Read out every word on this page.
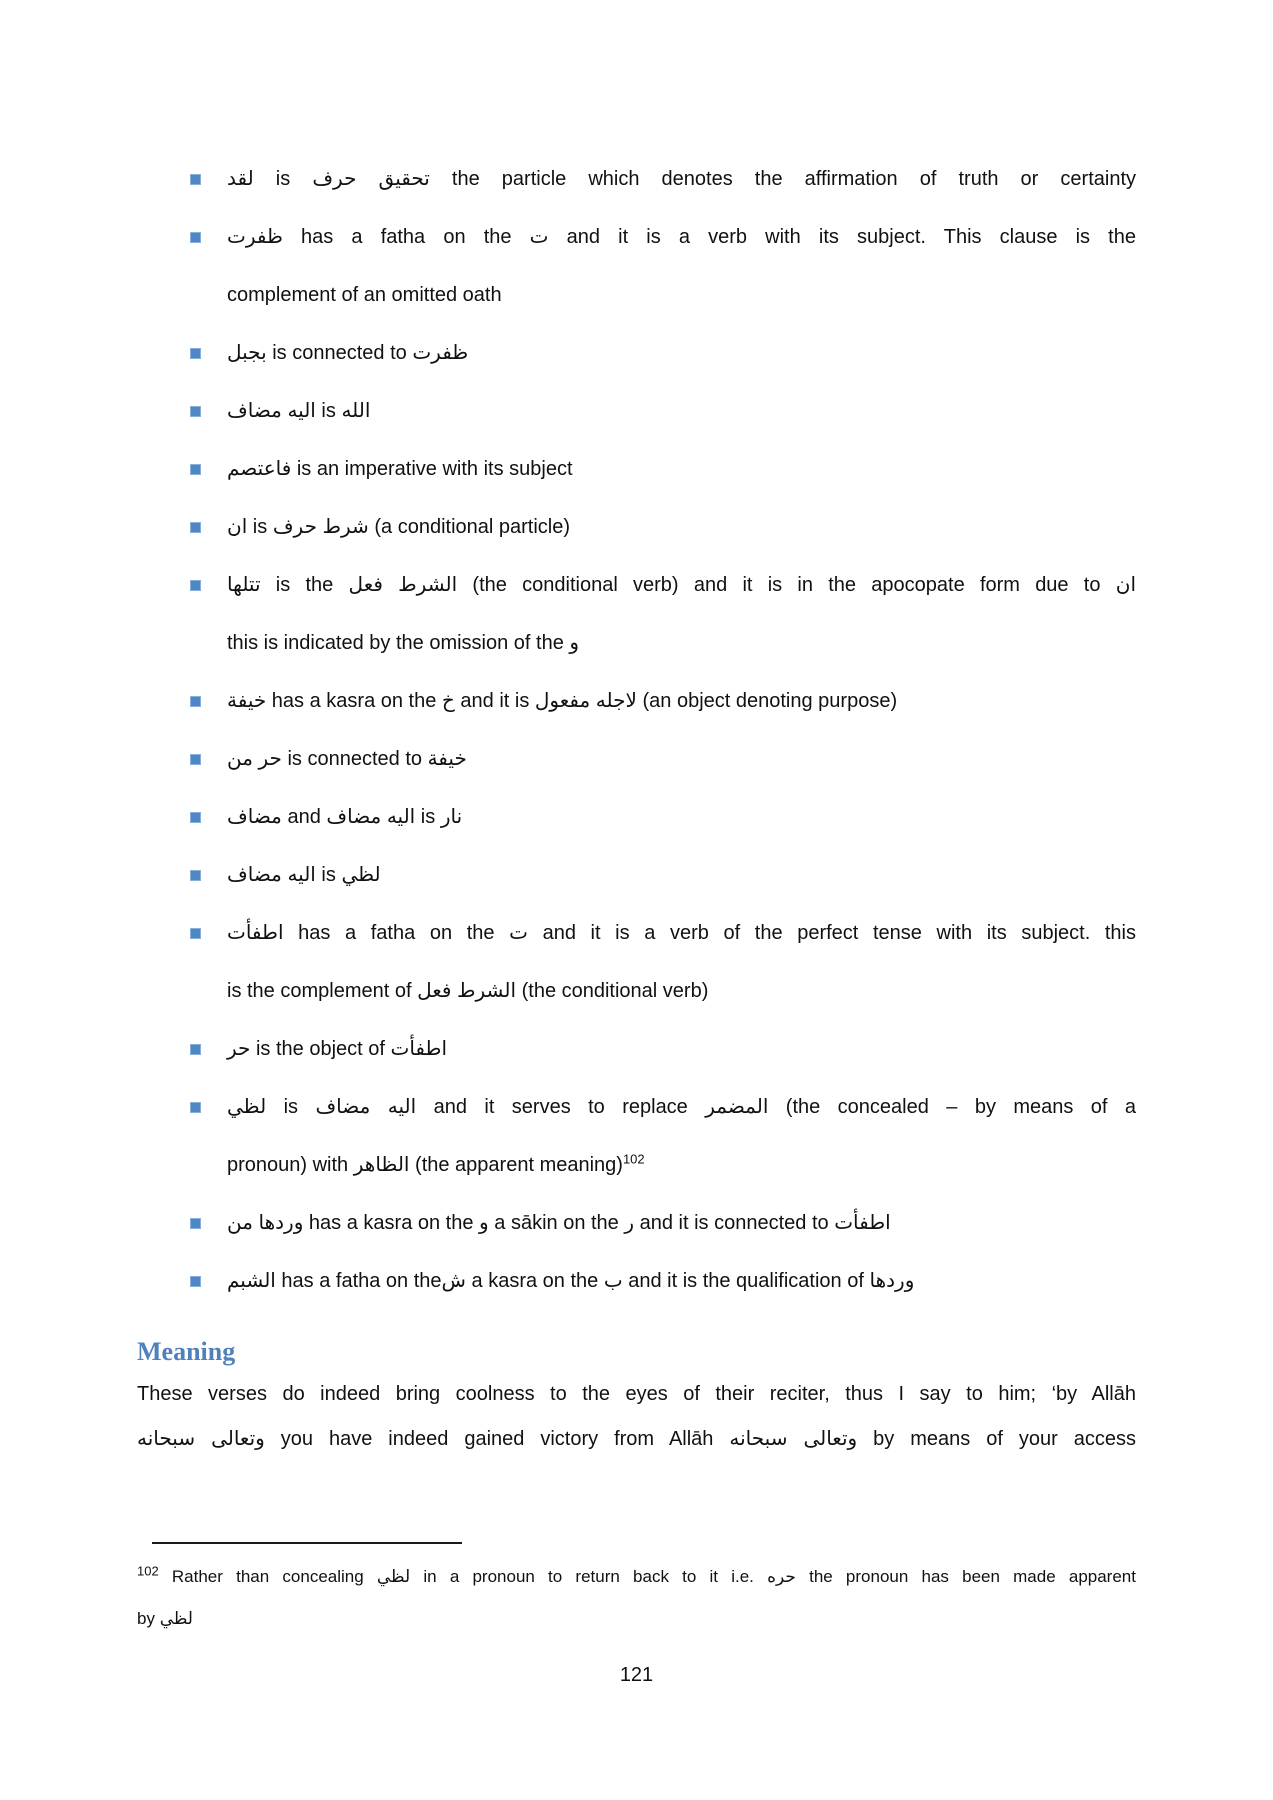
لقد is حرف‎ تحقيق the particle which denotes the affirmation of truth or certainty
ظفرت has a fatha on the ت and it is a verb with its subject. This clause is the
complement of an omitted oath
بجبل is connected to ظفرت
مضاف‎ اليه is الله
فاعتصم is an imperative with its subject
ان is حرف‎ شرط (a conditional particle)
تتلها is the فعل‎ الشرط (the conditional verb) and it is in the apocopate form due to ان
this is indicated by the omission of the و
خيفة has a kasra on the خ and it is مفعول‎ لاجله (an object denoting purpose)
من‎ حر is connected to خيفة
مضاف and مضاف‎ اليه is نار
مضاف‎ اليه is لظي
اطفأت has a fatha on the ت and it is a verb of the perfect tense with its subject. this
is the complement of فعل‎ الشرط (the conditional verb)
حر is the object of اطفأت
لظي is مضاف‎ اليه and it serves to replace المضمر (the concealed – by means of a
pronoun) with الظاهر (the apparent meaning)$^{102}$
من‎ وردها has a kasra on the و a sākin on the ر and it is connected to اطفأت
الشبم has a fatha on theش a kasra on the ب and it is the qualification of وردها
Meaning
These verses do indeed bring coolness to the eyes of their reciter, thus I say to him; ‘by Allāh
سبحانه‎ وتعالى you have indeed gained victory from Allāh سبحانه‎ وتعالى by means of your access
$^{102}$ Rather than concealing لظي in a pronoun to return back to it i.e. حره the pronoun has been made apparent
by لظي
121
